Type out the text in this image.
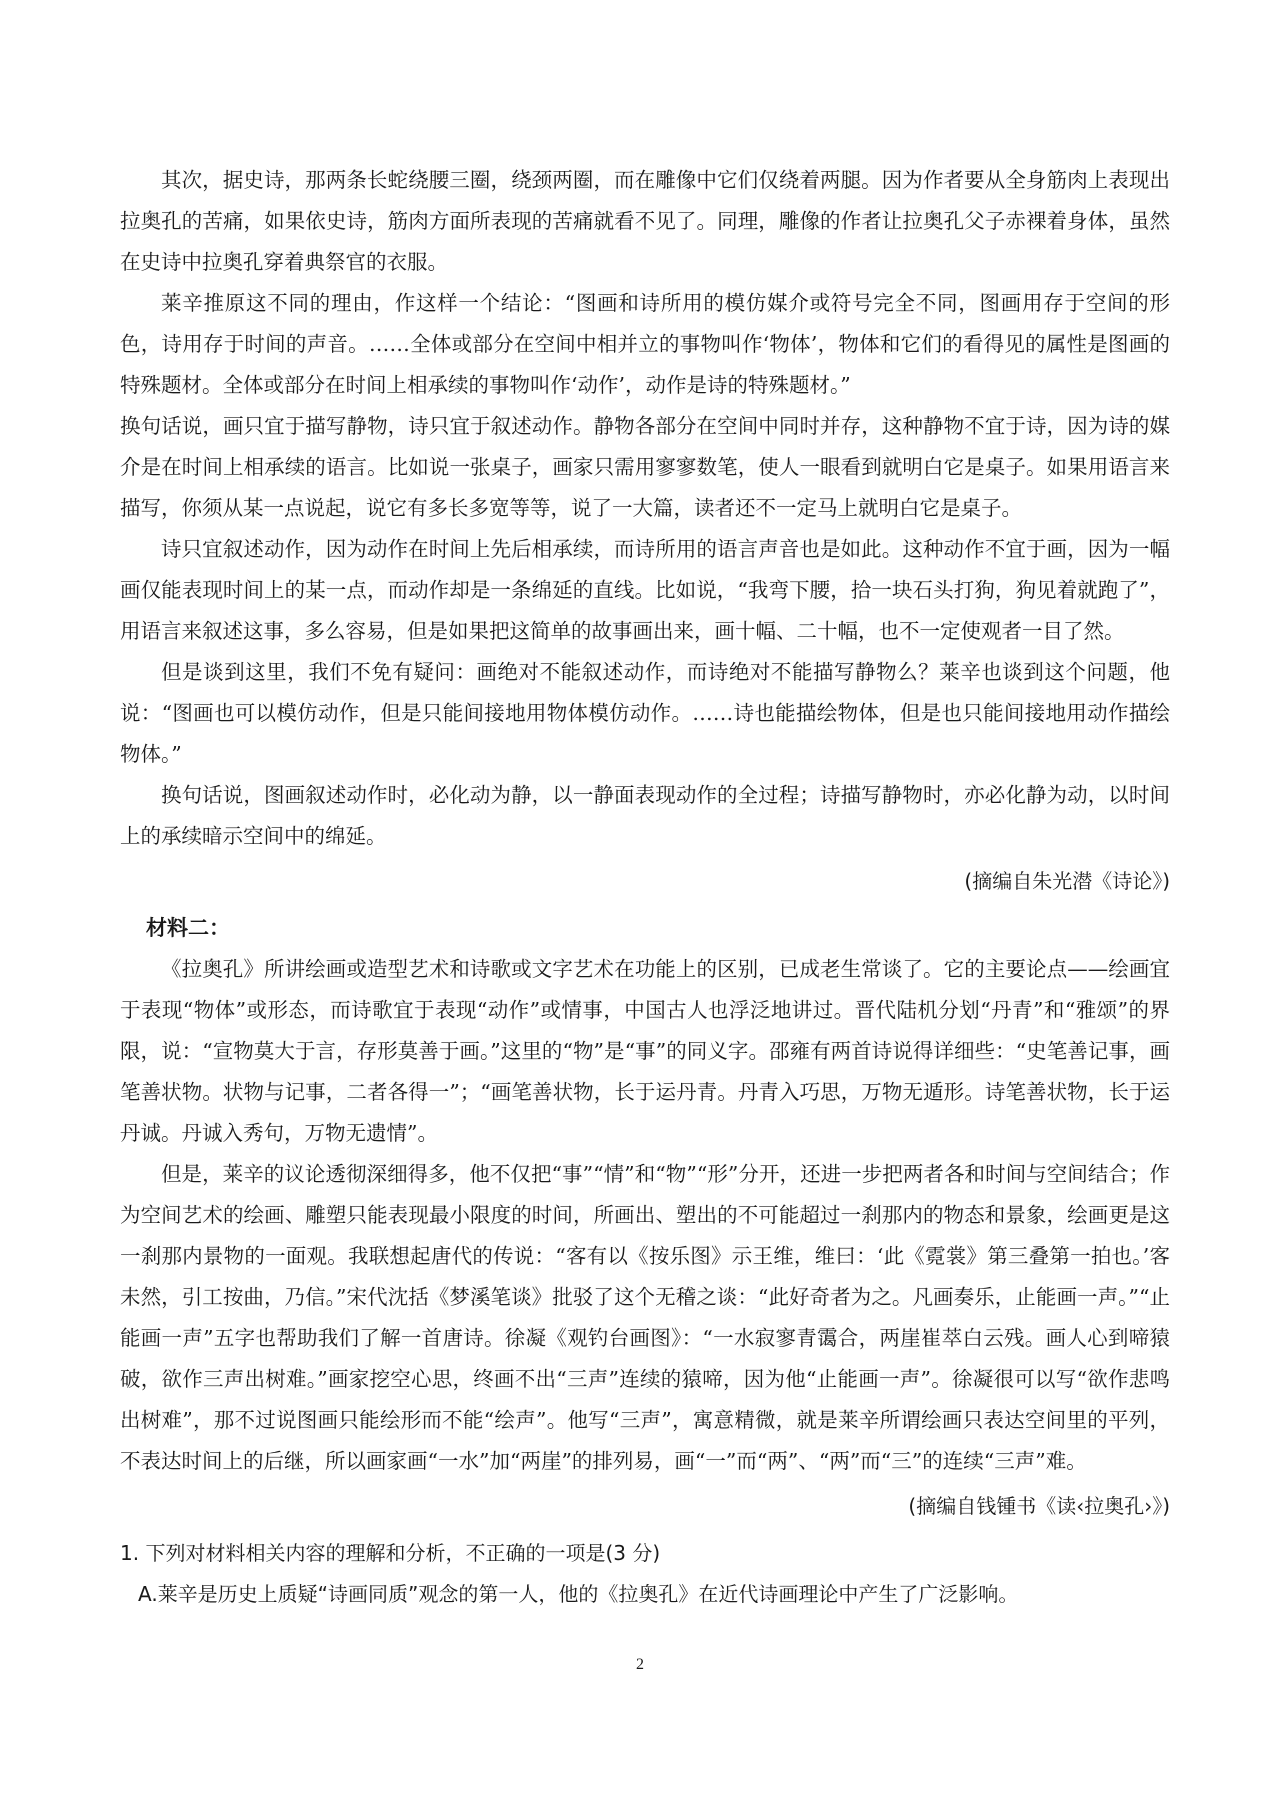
其次，据史诗，那两条长蛇绕腰三圈，绕颈两圈，而在雕像中它们仅绕着两腿。因为作者要从全身筋肉上表现出拉奥孔的苦痛，如果依史诗，筋肉方面所表现的苦痛就看不见了。同理，雕像的作者让拉奥孔父子赤裸着身体，虽然在史诗中拉奥孔穿着典祭官的衣服。

莱辛推原这不同的理由，作这样一个结论：“图画和诗所用的模仿媒介或符号完全不同，图画用存于空间的形色，诗用存于时间的声音。……全体或部分在空间中相并立的事物叫作‘物体’，物体和它们的看得见的属性是图画的特殊题材。全体或部分在时间上相承续的事物叫作‘动作’，动作是诗的特殊题材。”

换句话说，画只宜于描写静物，诗只宜于叙述动作。静物各部分在空间中同时并存，这种静物不宜于诗，因为诗的媒介是在时间上相承续的语言。比如说一张桌子，画家只需用寥寥数笔，使人一眼看到就明白它是桌子。如果用语言来描写，你须从某一点说起，说它有多长多宽等等，说了一大篇，读者还不一定马上就明白它是桌子。

诗只宜叙述动作，因为动作在时间上先后相承续，而诗所用的语言声音也是如此。这种动作不宜于画，因为一幅画仅能表现时间上的某一点，而动作却是一条绵延的直线。比如说，“我弯下腰，拾一块石头打狗，狗见着就跑了”，用语言来叙述这事，多么容易，但是如果把这简单的故事画出来，画十幅、二十幅，也不一定使观者一目了然。

但是谈到这里，我们不免有疑问：画绝对不能叙述动作，而诗绝对不能描写静物么？莱辛也谈到这个问题，他说：“图画也可以模仿动作，但是只能间接地用物体模仿动作。……诗也能描绘物体，但是也只能间接地用动作描绘物体。”

换句话说，图画叙述动作时，必化动为静，以一静面表现动作的全过程；诗描写静物时，亦必化静为动，以时间上的承续暗示空间中的绵延。

(摘编自朱光潜《诗论》)
材料二：

《拉奥孔》所讲绘画或造型艺术和诗歌或文字艺术在功能上的区别，已成老生常谈了。它的主要论点——绘画宜于表现“物体”或形态，而诗歌宜于表现“动作”或情事，中国古人也浮泛地讲过。晋代陆机分划“丹青”和“雅颂”的界限，说：“宣物莫大于言，存形莫善于画。”这里的“物”是“事”的同义字。邵雍有两首诗说得详细些：“史笔善记事，画笔善状物。状物与记事，二者各得一”；“画笔善状物，长于运丹青。丹青入巧思，万物无遁形。诗笔善状物，长于运丹诚。丹诚入秀句，万物无遗情”。

但是，莱辛的议论透彻深细得多，他不仅把“事”“情”和“物”“形”分开，还进一步把两者各和时间与空间结合；作为空间艺术的绘画、雕塑只能表现最小限度的时间，所画出、塑出的不可能超过一刹那内的物态和景象，绘画更是这一刹那内景物的一面观。我联想起唐代的传说：“客有以《按乐图》示王维，维曰：‘此《霓裳》第三叠第一拍也。’客未然，引工按曲，乃信。”宋代沈括《梦溪笔谈》批驳了这个无稽之谈：“此好奇者为之。凡画奏乐，止能画一声。”“止能画一声”五字也帮助我们了解一首唐诗。徐凝《观钓台画图》：“一水寂寥青霭合，两崖崔萃白云残。画人心到啼猿破，欲作三声出树难。”画家挖空心思，终画不出“三声”连续的猿啼，因为他“止能画一声”。徐凝很可以写“欲作悲鸣出树难”，那不过说图画只能绘形而不能“绘声”。他写“三声”，寓意精微，就是莱辛所谓绘画只表达空间里的平列，不表达时间上的后继，所以画家画“一水”加“两崖”的排列易，画“一”而“两”、“两”而“三”的连续“三声”难。

(摘编自钱锺书《读‹拉奥孔›》)
1. 下列对材料相关内容的理解和分析，不正确的一项是(3 分)
A.莱辛是历史上质疑“诗画同质”观念的第一人，他的《拉奥孔》在近代诗画理论中产生了广泛影响。
2
